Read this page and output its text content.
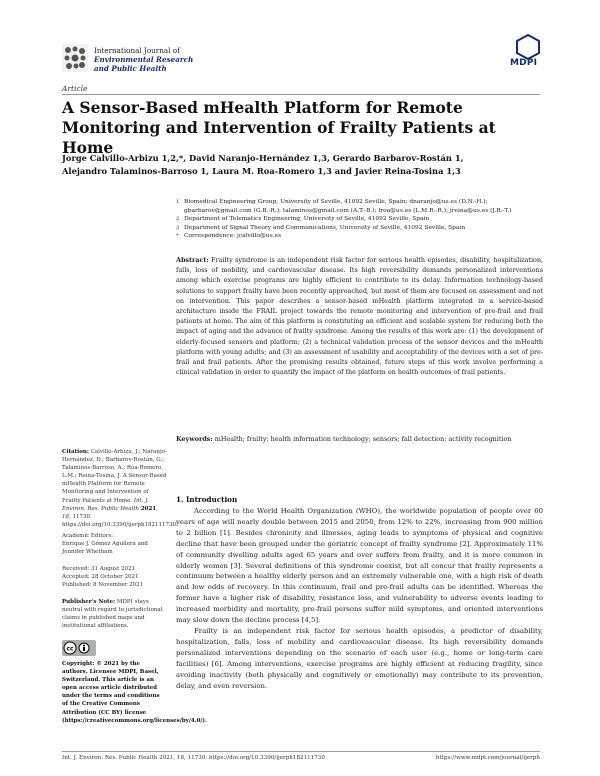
International Journal of
Environmental Research
and Public Health
MDPI
Article
A Sensor-Based mHealth Platform for Remote Monitoring and Intervention of Frailty Patients at Home
Jorge Calvillo-Arbizu 1,2,*, David Naranjo-Hernández 1,3, Gerardo Barbarov-Rostán 1,
Alejandro Talaminos-Barroso 1, Laura M. Roa-Romero 1,3 and Javier Reina-Tosina 1,3
1 Biomedical Engineering Group, University of Seville, 41092 Seville, Spain; dnaranjo@us.es (D.N.-H.); gbarbarov@gmail.com (G.B.-R.); talaminos@gmail.com (A.T.-B.); lroa@us.es (L.M.R.-R.); jreina@us.es (J.R.-T.)
2 Department of Telematics Engineering, University of Seville, 41092 Seville, Spain
3 Department of Signal Theory and Communications, University of Seville, 41092 Seville, Spain
* Correspondence: jcalvillo@us.es
Abstract: Frailty syndrome is an independent risk factor for serious health episodes, disability, hospitalization, falls, loss of mobility, and cardiovascular disease. Its high reversibility demands personalized interventions among which exercise programs are highly efficient to contribute to its delay. Information technology-based solutions to support frailty have been recently approached, but most of them are focused on assessment and not on intervention. This paper describes a sensor-based mHealth platform integrated in a service-based architecture inside the FRAIL project towards the remote monitoring and intervention of pre-frail and frail patients at home. The aim of this platform is constituting an efficient and scalable system for reducing both the impact of aging and the advance of frailty syndrome. Among the results of this work are: (1) the development of elderly-focused sensors and platform; (2) a technical validation process of the sensor devices and the mHealth platform with young adults; and (3) an assessment of usability and acceptability of the devices with a set of pre-frail and frail patients. After the promising results obtained, future steps of this work involve performing a clinical validation in order to quantify the impact of the platform on health outcomes of frail patients.
Keywords: mHealth; frailty; health information technology; sensors; fall detection; activity recognition
Citation: Calvillo-Arbizu, J.; Naranjo-Hernández, D.; Barbarov-Rostán, G.; Talaminos-Barroso, A.; Roa-Romero, L.M.; Reina-Tosina, J. A Sensor-Based mHealth Platform for Remote Monitoring and Intervention of Frailty Patients at Home. Int. J. Environ. Res. Public Health 2021, 18, 11730. https://doi.org/10.3390/ijerph182111730
Academic Editors:
Enrique J. Gómez Aguilera and Jennifer Whetham
Received: 31 August 2021
Accepted: 28 October 2021
Published: 8 November 2021
Publisher's Note: MDPI stays neutral with regard to jurisdictional claims in published maps and institutional affiliations.
cc
Copyright: © 2021 by the authors. Licensee MDPI, Basel, Switzerland. This article is an open access article distributed under the terms and conditions of the Creative Commons Attribution (CC BY) license (https://creativecommons.org/licenses/by/4.0/).
1. Introduction

According to the World Health Organization (WHO), the worldwide population of people over 60 years of age will nearly double between 2015 and 2050, from 12% to 22%, increasing from 900 million to 2 billion [1]. Besides chronicity and illnesses, aging leads to symptoms of physical and cognitive decline that have been grouped under the geriatric concept of frailty syndrome [2]. Approximately 11% of community dwelling adults aged 65 years and over suffers from frailty, and it is more common in elderly women [3]. Several definitions of this syndrome coexist, but all concur that frailty represents a continuum between a healthy elderly person and an extremely vulnerable one, with a high risk of death and low odds of recovery. In this continuum, frail and pre-frail adults can be identified. Whereas the former have a higher risk of disability, resistance loss, and vulnerability to adverse events leading to increased morbidity and mortality, pre-frail persons suffer mild symptoms, and oriented interventions may slow down the decline process [4,5].

Frailty is an independent risk factor for serious health episodes, a predictor of disability, hospitalization, falls, loss of mobility and cardiovascular disease. Its high reversibility demands personalized interventions depending on the scenario of each user (e.g., home or long-term care facilities) [6]. Among interventions, exercise programs are highly efficient at reducing fragility, since avoiding inactivity (both physically and cognitively or emotionally) may contribute to its prevention, delay, and even reversion.

Int. J. Environ. Res. Public Health 2021, 18, 11730. https://doi.org/10.3390/ijerph182111730	https://www.mdpi.com/journal/ijerph
